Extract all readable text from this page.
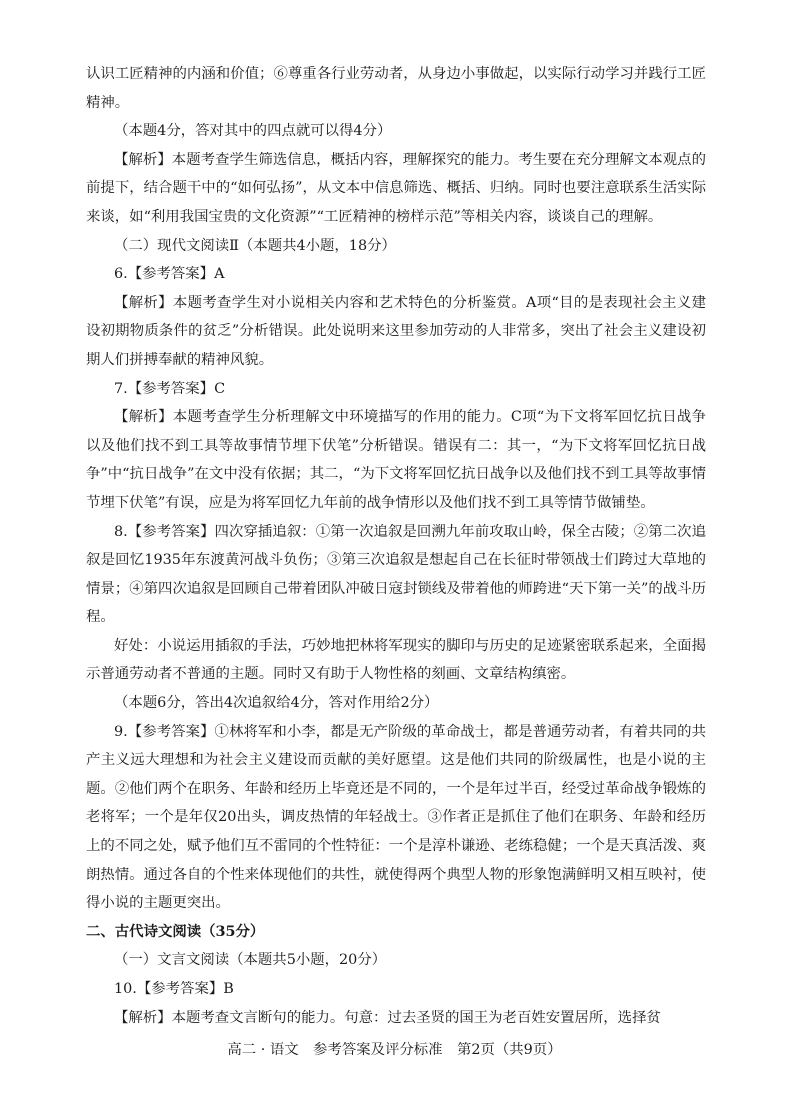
认识工匠精神的内涵和价值；⑥尊重各行业劳动者，从身边小事做起，以实际行动学习并践行工匠精神。

（本题4分，答对其中的四点就可以得4分）

【解析】本题考查学生筛选信息，概括内容，理解探究的能力。考生要在充分理解文本观点的前提下，结合题干中的“如何弘扬”，从文本中信息筛选、概括、归纳。同时也要注意联系生活实际来谈，如“利用我国宝贵的文化资源”“工匠精神的榜样示范”等相关内容，谈谈自己的理解。

（二）现代文阅读Ⅱ（本题共4小题，18分）

6.【参考答案】A

【解析】本题考查学生对小说相关内容和艺术特色的分析鉴赏。A项“目的是表现社会主义建设初期物质条件的贫乏”分析错误。此处说明来这里参加劳动的人非常多，突出了社会主义建设初期人们拼搏奉献的精神风貌。

7.【参考答案】C

【解析】本题考查学生分析理解文中环境描写的作用的能力。C项“为下文将军回忆抗日战争以及他们找不到工具等故事情节埋下伏笔”分析错误。错误有二：其一，“为下文将军回忆抗日战争”中“抗日战争”在文中没有依据；其二，“为下文将军回忆抗日战争以及他们找不到工具等故事情节埋下伏笔”有误，应是为将军回忆九年前的战争情形以及他们找不到工具等情节做铺垫。

8.【参考答案】四次穿插追叙：①第一次追叙是回溯九年前攻取山岭，保全古陵；②第二次追叙是回忆1935年东渡黄河战斗负伤；③第三次追叙是想起自己在长征时带领战士们跨过大草地的情景；④第四次追叙是回顾自己带着团队冲破日寇封锁线及带着他的师跨进“天下第一关”的战斗历程。

好处：小说运用插叙的手法，巧妙地把林将军现实的脚印与历史的足迹紧密联系起来，全面揭示普通劳动者不普通的主题。同时又有助于人物性格的刻画、文章结构缜密。

（本题6分，答出4次追叙给4分，答对作用给2分）

9.【参考答案】①林将军和小李，都是无产阶级的革命战士，都是普通劳动者，有着共同的共产主义远大理想和为社会主义建设而贡献的美好愿望。这是他们共同的阶级属性，也是小说的主题。②他们两个在职务、年龄和经历上毕竟还是不同的，一个是年过半百，经受过革命战争锻炼的老将军；一个是年仅20出头，调皮热情的年轻战士。③作者正是抓住了他们在职务、年龄和经历上的不同之处，赋予他们互不雷同的个性特征：一个是淳朴谦逊、老练稳健；一个是天真活泼、爽朗热情。通过各自的个性来体现他们的共性，就使得两个典型人物的形象饱满鲜明又相互映衬，使得小说的主题更突出。

二、古代诗文阅读（35分）

（一）文言文阅读（本题共5小题，20分）

10.【参考答案】B

【解析】本题考查文言断句的能力。句意：过去圣贤的国王为老百姓安置居所，选择贫

高二 · 语文　参考答案及评分标准　第2页（共9页）
